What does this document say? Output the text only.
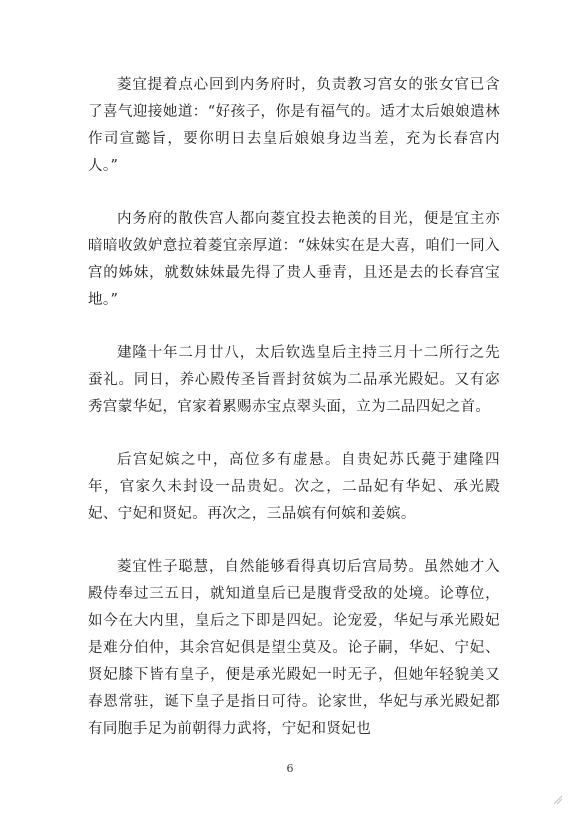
菱宜提着点心回到内务府时，负责教习宫女的张女官已含了喜气迎接她道：“好孩子，你是有福气的。适才太后娘娘遣林作司宣懿旨，要你明日去皇后娘娘身边当差，充为长春宫内人。”

内务府的散佚宫人都向菱宜投去艳羡的目光，便是宜主亦暗暗收敛妒意拉着菱宜亲厚道：“妹妹实在是大喜，咱们一同入宫的姊妹，就数妹妹最先得了贵人垂青，且还是去的长春宫宝地。”

建隆十年二月廿八，太后钦选皇后主持三月十二所行之先蚕礼。同日，养心殿传圣旨晋封贫嫔为二品承光殿妃。又有宓秀宫蒙华妃，官家着累赐赤宝点翠头面，立为二品四妃之首。

后宫妃嫔之中，高位多有虚悬。自贵妃苏氏薨于建隆四年，官家久未封设一品贵妃。次之，二品妃有华妃、承光殿妃、宁妃和贤妃。再次之，三品嫔有何嫔和姜嫔。

菱宜性子聪慧，自然能够看得真切后宫局势。虽然她才入殿侍奉过三五日，就知道皇后已是腹背受敌的处境。论尊位，如今在大内里，皇后之下即是四妃。论宠爱，华妃与承光殿妃是难分伯仲，其余宫妃俱是望尘莫及。论子嗣，华妃、宁妃、贤妃膝下皆有皇子，便是承光殿妃一时无子，但她年轻貌美又春恩常驻，诞下皇子是指日可待。论家世，华妃与承光殿妃都有同胞手足为前朝得力武将，宁妃和贤妃也

6
